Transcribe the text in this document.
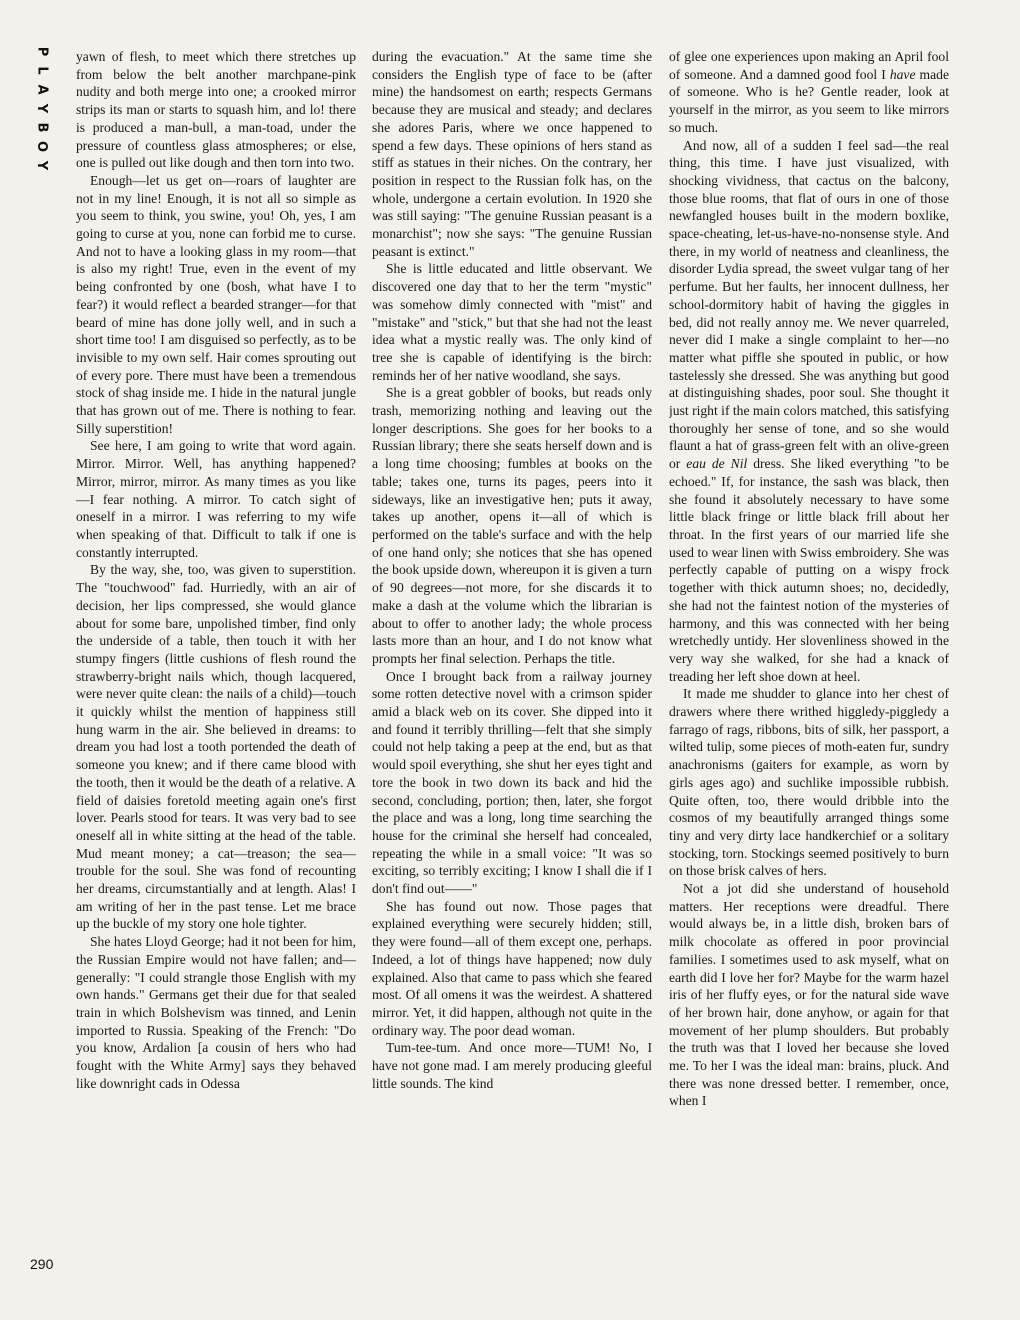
P
L
A
Y
B
O
Y
290

yawn of flesh, to meet which there stretches up from below the belt another marchpane-pink nudity and both merge into one; a crooked mirror strips its man or starts to squash him, and lo! there is produced a man-bull, a man-toad, under the pressure of countless glass atmospheres; or else, one is pulled out like dough and then torn into two.

Enough—let us get on—roars of laughter are not in my line! Enough, it is not all so simple as you seem to think, you swine, you! Oh, yes, I am going to curse at you, none can forbid me to curse. And not to have a looking glass in my room—that is also my right! True, even in the event of my being confronted by one (bosh, what have I to fear?) it would reflect a bearded stranger—for that beard of mine has done jolly well, and in such a short time too! I am disguised so perfectly, as to be invisible to my own self. Hair comes sprouting out of every pore. There must have been a tremendous stock of shag inside me. I hide in the natural jungle that has grown out of me. There is nothing to fear. Silly superstition!

See here, I am going to write that word again. Mirror. Mirror. Well, has anything happened? Mirror, mirror, mirror. As many times as you like—I fear nothing. A mirror. To catch sight of oneself in a mirror. I was referring to my wife when speaking of that. Difficult to talk if one is constantly interrupted.

By the way, she, too, was given to superstition. The "touchwood" fad. Hurriedly, with an air of decision, her lips compressed, she would glance about for some bare, unpolished timber, find only the underside of a table, then touch it with her stumpy fingers (little cushions of flesh round the strawberry-bright nails which, though lacquered, were never quite clean: the nails of a child)—touch it quickly whilst the mention of happiness still hung warm in the air. She believed in dreams: to dream you had lost a tooth portended the death of someone you knew; and if there came blood with the tooth, then it would be the death of a relative. A field of daisies foretold meeting again one's first lover. Pearls stood for tears. It was very bad to see oneself all in white sitting at the head of the table. Mud meant money; a cat—treason; the sea—trouble for the soul. She was fond of recounting her dreams, circumstantially and at length. Alas! I am writing of her in the past tense. Let me brace up the buckle of my story one hole tighter.

She hates Lloyd George; had it not been for him, the Russian Empire would not have fallen; and—generally: "I could strangle those English with my own hands." Germans get their due for that sealed train in which Bolshevism was tinned, and Lenin imported to Russia. Speaking of the French: "Do you know, Ardalion [a cousin of hers who had fought with the White Army] says they behaved like downright cads in Odessa

during the evacuation." At the same time she considers the English type of face to be (after mine) the handsomest on earth; respects Germans because they are musical and steady; and declares she adores Paris, where we once happened to spend a few days. These opinions of hers stand as stiff as statues in their niches. On the contrary, her position in respect to the Russian folk has, on the whole, undergone a certain evolution. In 1920 she was still saying: "The genuine Russian peasant is a monarchist"; now she says: "The genuine Russian peasant is extinct."

She is little educated and little observant. We discovered one day that to her the term "mystic" was somehow dimly connected with "mist" and "mistake" and "stick," but that she had not the least idea what a mystic really was. The only kind of tree she is capable of identifying is the birch: reminds her of her native woodland, she says.

She is a great gobbler of books, but reads only trash, memorizing nothing and leaving out the longer descriptions. She goes for her books to a Russian library; there she seats herself down and is a long time choosing; fumbles at books on the table; takes one, turns its pages, peers into it sideways, like an investigative hen; puts it away, takes up another, opens it—all of which is performed on the table's surface and with the help of one hand only; she notices that she has opened the book upside down, whereupon it is given a turn of 90 degrees—not more, for she discards it to make a dash at the volume which the librarian is about to offer to another lady; the whole process lasts more than an hour, and I do not know what prompts her final selection. Perhaps the title.

Once I brought back from a railway journey some rotten detective novel with a crimson spider amid a black web on its cover. She dipped into it and found it terribly thrilling—felt that she simply could not help taking a peep at the end, but as that would spoil everything, she shut her eyes tight and tore the book in two down its back and hid the second, concluding, portion; then, later, she forgot the place and was a long, long time searching the house for the criminal she herself had concealed, repeating the while in a small voice: "It was so exciting, so terribly exciting; I know I shall die if I don't find out——"

She has found out now. Those pages that explained everything were securely hidden; still, they were found—all of them except one, perhaps. Indeed, a lot of things have happened; now duly explained. Also that came to pass which she feared most. Of all omens it was the weirdest. A shattered mirror. Yet, it did happen, although not quite in the ordinary way. The poor dead woman.

Tum-tee-tum. And once more—TUM! No, I have not gone mad. I am merely producing gleeful little sounds. The kind

of glee one experiences upon making an April fool of someone. And a damned good fool I have made of someone. Who is he? Gentle reader, look at yourself in the mirror, as you seem to like mirrors so much.

And now, all of a sudden I feel sad—the real thing, this time. I have just visualized, with shocking vividness, that cactus on the balcony, those blue rooms, that flat of ours in one of those newfangled houses built in the modern boxlike, space-cheating, let-us-have-no-nonsense style. And there, in my world of neatness and cleanliness, the disorder Lydia spread, the sweet vulgar tang of her perfume. But her faults, her innocent dullness, her school-dormitory habit of having the giggles in bed, did not really annoy me. We never quarreled, never did I make a single complaint to her—no matter what piffle she spouted in public, or how tastelessly she dressed. She was anything but good at distinguishing shades, poor soul. She thought it just right if the main colors matched, this satisfying thoroughly her sense of tone, and so she would flaunt a hat of grass-green felt with an olive-green or eau de Nil dress. She liked everything "to be echoed." If, for instance, the sash was black, then she found it absolutely necessary to have some little black fringe or little black frill about her throat. In the first years of our married life she used to wear linen with Swiss embroidery. She was perfectly capable of putting on a wispy frock together with thick autumn shoes; no, decidedly, she had not the faintest notion of the mysteries of harmony, and this was connected with her being wretchedly untidy. Her slovenliness showed in the very way she walked, for she had a knack of treading her left shoe down at heel.

It made me shudder to glance into her chest of drawers where there writhed higgledy-piggledy a farrago of rags, ribbons, bits of silk, her passport, a wilted tulip, some pieces of moth-eaten fur, sundry anachronisms (gaiters for example, as worn by girls ages ago) and suchlike impossible rubbish. Quite often, too, there would dribble into the cosmos of my beautifully arranged things some tiny and very dirty lace handkerchief or a solitary stocking, torn. Stockings seemed positively to burn on those brisk calves of hers.

Not a jot did she understand of household matters. Her receptions were dreadful. There would always be, in a little dish, broken bars of milk chocolate as offered in poor provincial families. I sometimes used to ask myself, what on earth did I love her for? Maybe for the warm hazel iris of her fluffy eyes, or for the natural side wave of her brown hair, done anyhow, or again for that movement of her plump shoulders. But probably the truth was that I loved her because she loved me. To her I was the ideal man: brains, pluck. And there was none dressed better. I remember, once, when I
